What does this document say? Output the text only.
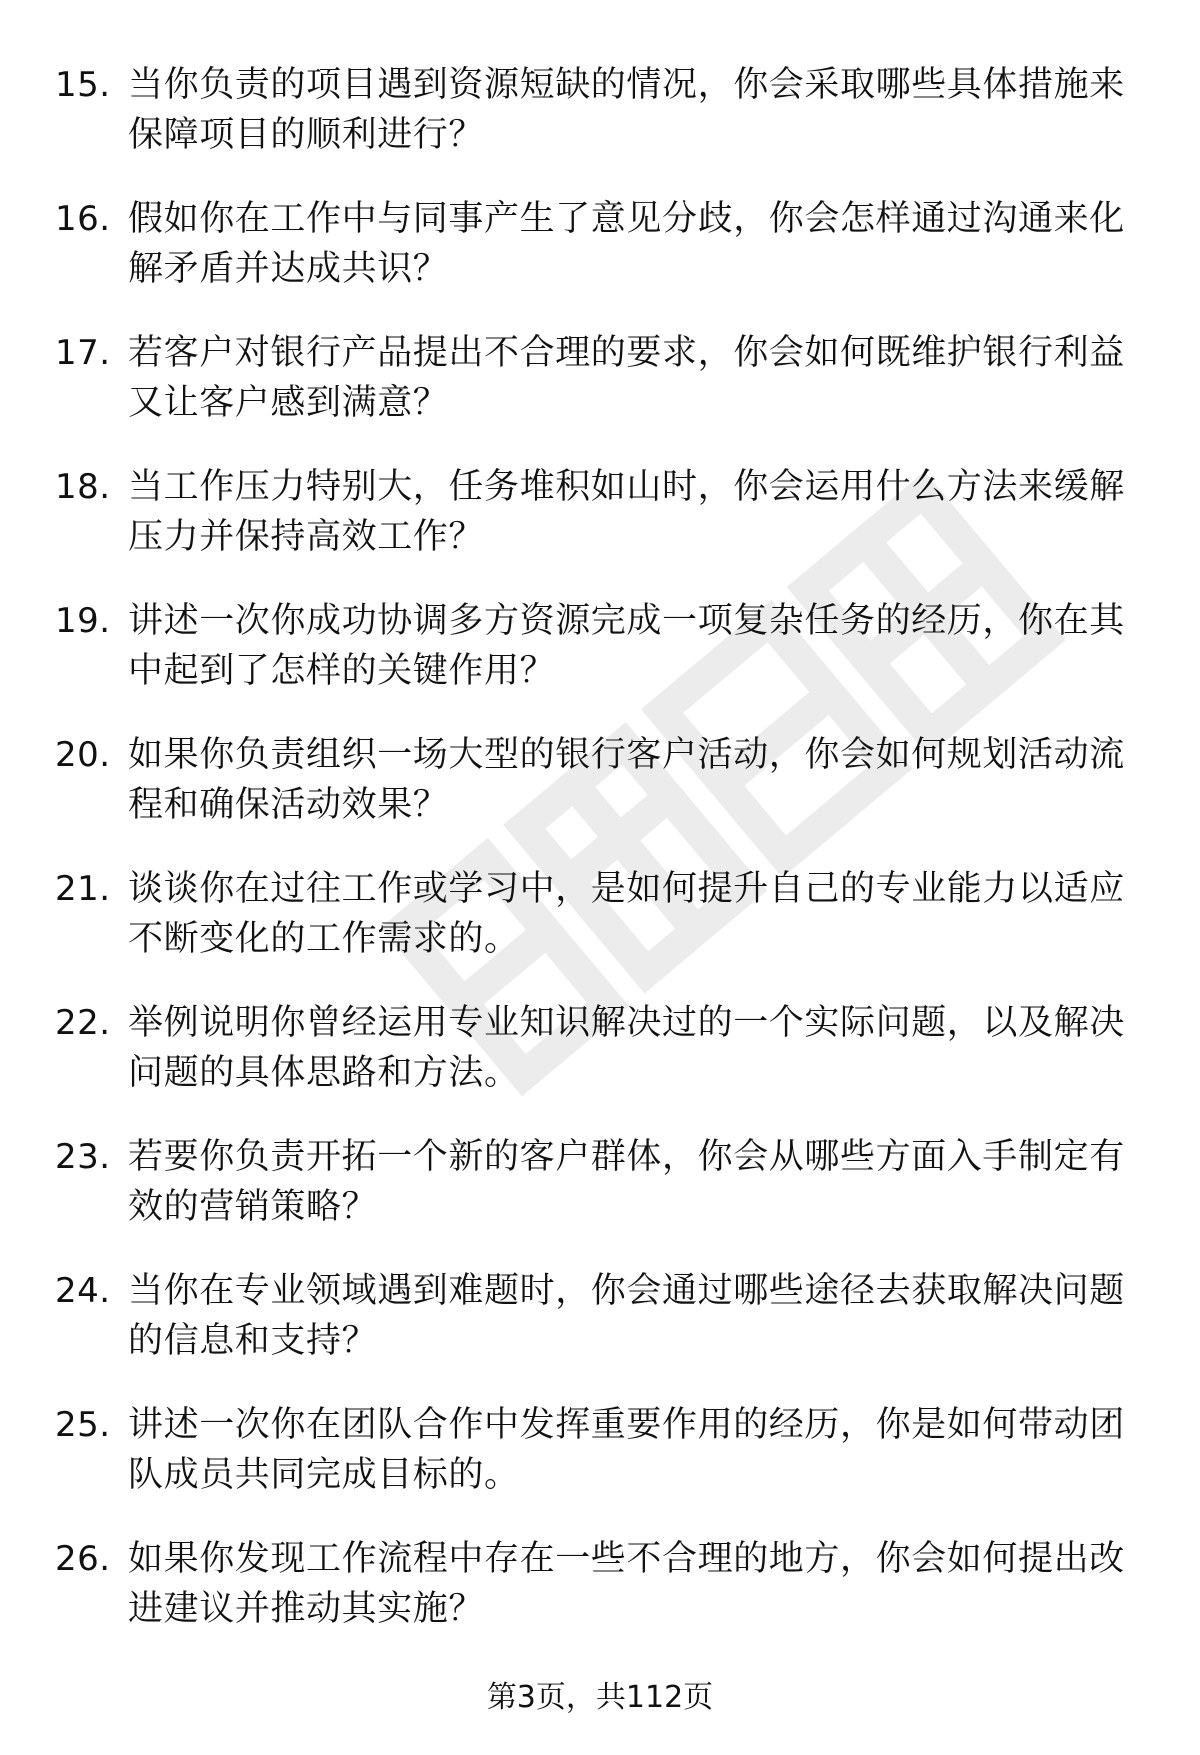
15. 当你负责的项目遇到资源短缺的情况，你会采取哪些具体措施来保障项目的顺利进行？
16. 假如你在工作中与同事产生了意见分歧，你会怎样通过沟通来化解矛盾并达成共识？
17. 若客户对银行产品提出不合理的要求，你会如何既维护银行利益又让客户感到满意？
18. 当工作压力特别大，任务堆积如山时，你会运用什么方法来缓解压力并保持高效工作？
19. 讲述一次你成功协调多方资源完成一项复杂任务的经历，你在其中起到了怎样的关键作用？
20. 如果你负责组织一场大型的银行客户活动，你会如何规划活动流程和确保活动效果？
21. 谈谈你在过往工作或学习中，是如何提升自己的专业能力以适应不断变化的工作需求的。
22. 举例说明你曾经运用专业知识解决过的一个实际问题，以及解决问题的具体思路和方法。
23. 若要你负责开拓一个新的客户群体，你会从哪些方面入手制定有效的营销策略？
24. 当你在专业领域遇到难题时，你会通过哪些途径去获取解决问题的信息和支持？
25. 讲述一次你在团队合作中发挥重要作用的经历，你是如何带动团队成员共同完成目标的。
26. 如果你发现工作流程中存在一些不合理的地方，你会如何提出改进建议并推动其实施？
第3页，共112页
